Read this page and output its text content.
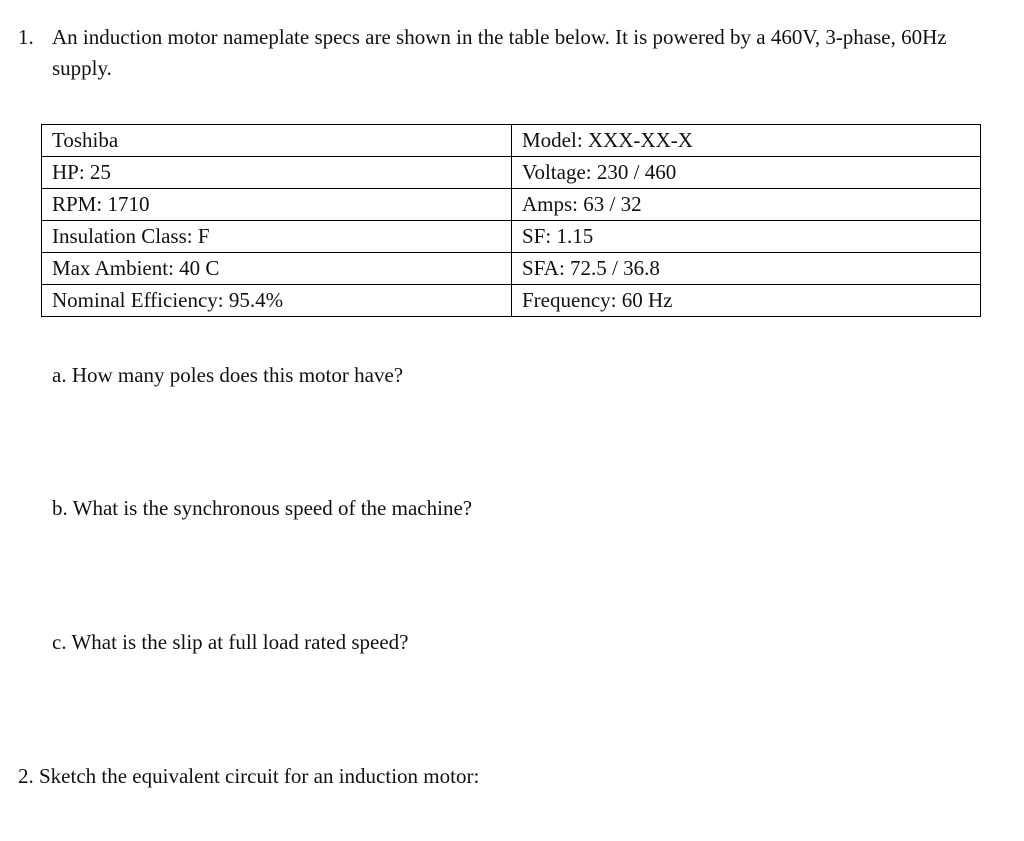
1. An induction motor nameplate specs are shown in the table below. It is powered by a 460V, 3-phase, 60Hz supply.
Toshiba	Model: XXX-XX-X
HP: 25	Voltage: 230 / 460
RPM: 1710	Amps: 63 / 32
Insulation Class: F	SF: 1.15
Max Ambient: 40 C	SFA: 72.5 / 36.8
Nominal Efficiency: 95.4%	Frequency: 60 Hz
a. How many poles does this motor have?
b. What is the synchronous speed of the machine?
c. What is the slip at full load rated speed?
2. Sketch the equivalent circuit for an induction motor:
